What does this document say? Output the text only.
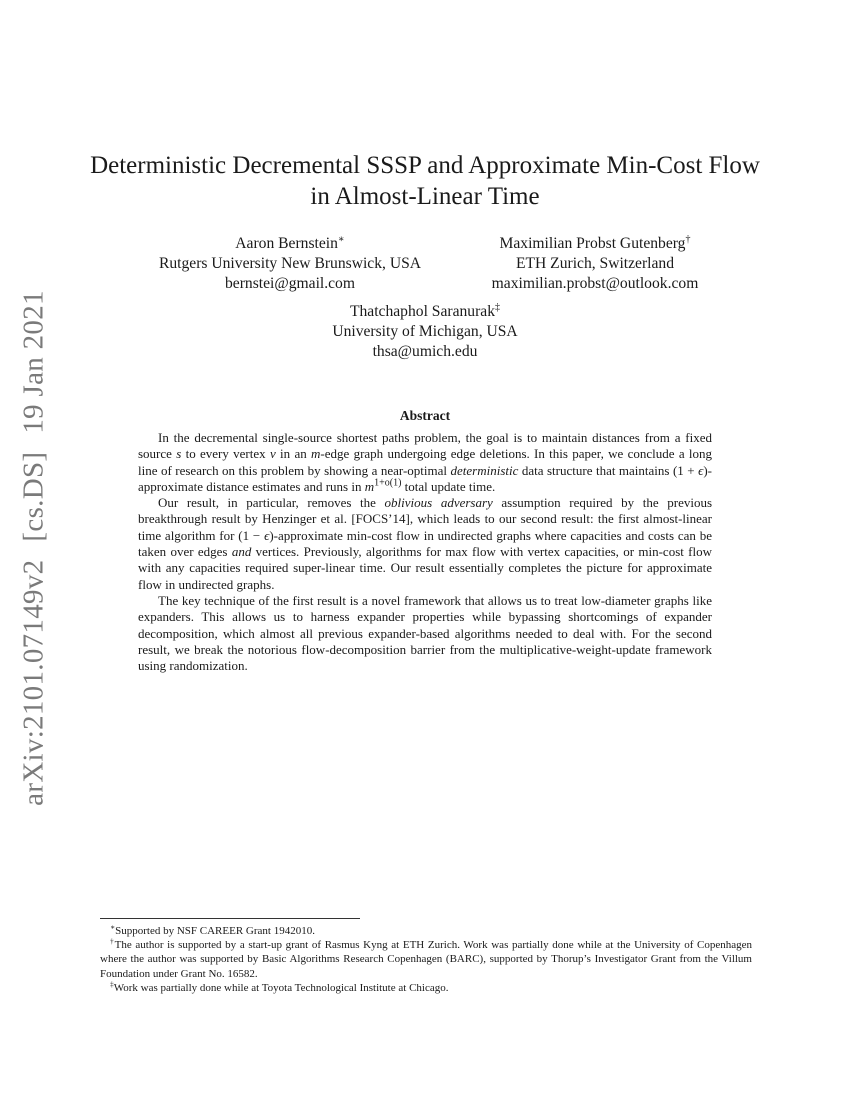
arXiv:2101.07149v2[cs.DS]19 Jan 2021
Deterministic Decremental SSSP and Approximate Min-Cost Flow
in Almost-Linear Time
Aaron Bernstein∗
Rutgers University New Brunswick, USA
bernstei@gmail.com
Maximilian Probst Gutenberg†
ETH Zurich, Switzerland
maximilian.probst@outlook.com
Thatchaphol Saranurak‡
University of Michigan, USA
thsa@umich.edu
Abstract

In the decremental single-source shortest paths problem, the goal is to maintain distances from a fixed source s to every vertex v in an m-edge graph undergoing edge deletions. In this paper, we conclude a long line of research on this problem by showing a near-optimal deterministic data structure that maintains (1 + ϵ)-approximate distance estimates and runs in $m^{1+o(1)}$ total update time.

Our result, in particular, removes the oblivious adversary assumption required by the previous breakthrough result by Henzinger et al. [FOCS’14], which leads to our second result: the first almost-linear time algorithm for (1 − ϵ)-approximate min-cost flow in undirected graphs where capacities and costs can be taken over edges and vertices. Previously, algorithms for max flow with vertex capacities, or min-cost flow with any capacities required super-linear time. Our result essentially completes the picture for approximate flow in undirected graphs.

The key technique of the first result is a novel framework that allows us to treat low-diameter graphs like expanders. This allows us to harness expander properties while bypassing shortcomings of expander decomposition, which almost all previous expander-based algorithms needed to deal with. For the second result, we break the notorious flow-decomposition barrier from the multiplicative-weight-update framework using randomization.

∗Supported by NSF CAREER Grant 1942010.

†The author is supported by a start-up grant of Rasmus Kyng at ETH Zurich. Work was partially done while at the University of Copenhagen where the author was supported by Basic Algorithms Research Copenhagen (BARC), supported by Thorup’s Investigator Grant from the Villum Foundation under Grant No. 16582.

‡Work was partially done while at Toyota Technological Institute at Chicago.
